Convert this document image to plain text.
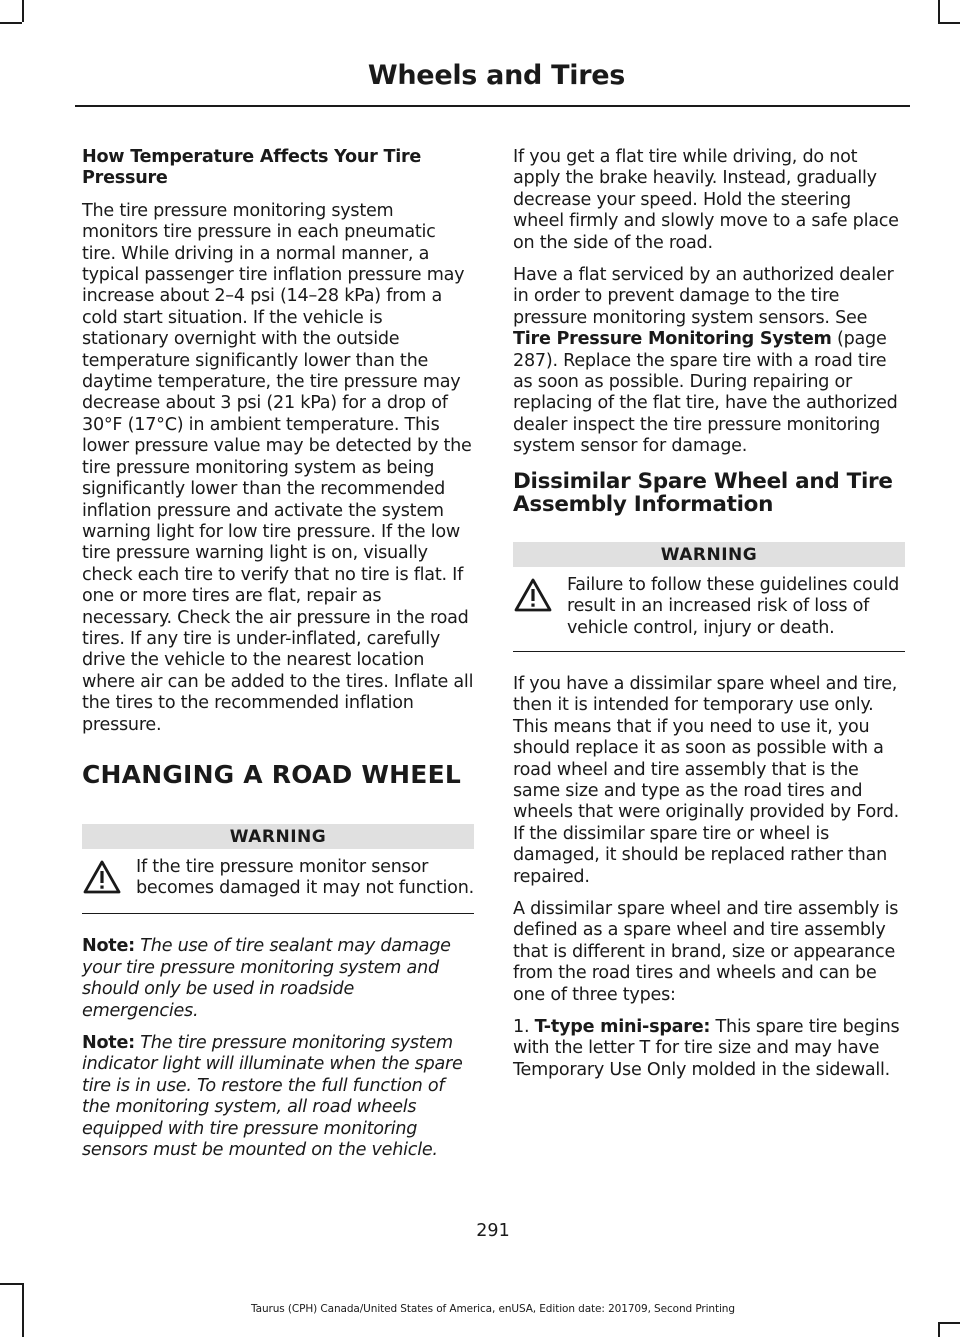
Wheels and Tires
How Temperature Affects Your Tire Pressure

The tire pressure monitoring system monitors tire pressure in each pneumatic tire. While driving in a normal manner, a typical passenger tire inflation pressure may increase about 2–4 psi (14–28 kPa) from a cold start situation. If the vehicle is stationary overnight with the outside temperature significantly lower than the daytime temperature, the tire pressure may decrease about 3 psi (21 kPa) for a drop of 30°F (17°C) in ambient temperature. This lower pressure value may be detected by the tire pressure monitoring system as being significantly lower than the recommended inflation pressure and activate the system warning light for low tire pressure. If the low tire pressure warning light is on, visually check each tire to verify that no tire is flat. If one or more tires are flat, repair as necessary. Check the air pressure in the road tires. If any tire is under-inflated, carefully drive the vehicle to the nearest location where air can be added to the tires. Inflate all the tires to the recommended inflation pressure.

CHANGING A ROAD WHEEL
WARNING
If the tire pressure monitor sensor becomes damaged it may not function.

Note: The use of tire sealant may damage your tire pressure monitoring system and should only be used in roadside emergencies.

Note: The tire pressure monitoring system indicator light will illuminate when the spare tire is in use. To restore the full function of the monitoring system, all road wheels equipped with tire pressure monitoring sensors must be mounted on the vehicle.

If you get a flat tire while driving, do not apply the brake heavily. Instead, gradually decrease your speed. Hold the steering wheel firmly and slowly move to a safe place on the side of the road.

Have a flat serviced by an authorized dealer in order to prevent damage to the tire pressure monitoring system sensors. See Tire Pressure Monitoring System (page 287). Replace the spare tire with a road tire as soon as possible. During repairing or replacing of the flat tire, have the authorized dealer inspect the tire pressure monitoring system sensor for damage.

Dissimilar Spare Wheel and Tire Assembly Information
WARNING
Failure to follow these guidelines could result in an increased risk of loss of vehicle control, injury or death.

If you have a dissimilar spare wheel and tire, then it is intended for temporary use only. This means that if you need to use it, you should replace it as soon as possible with a road wheel and tire assembly that is the same size and type as the road tires and wheels that were originally provided by Ford. If the dissimilar spare tire or wheel is damaged, it should be replaced rather than repaired.

A dissimilar spare wheel and tire assembly is defined as a spare wheel and tire assembly that is different in brand, size or appearance from the road tires and wheels and can be one of three types:

1. T-type mini-spare: This spare tire begins with the letter T for tire size and may have Temporary Use Only molded in the sidewall.

291
Taurus (CPH) Canada/United States of America, enUSA, Edition date: 201709, Second Printing
